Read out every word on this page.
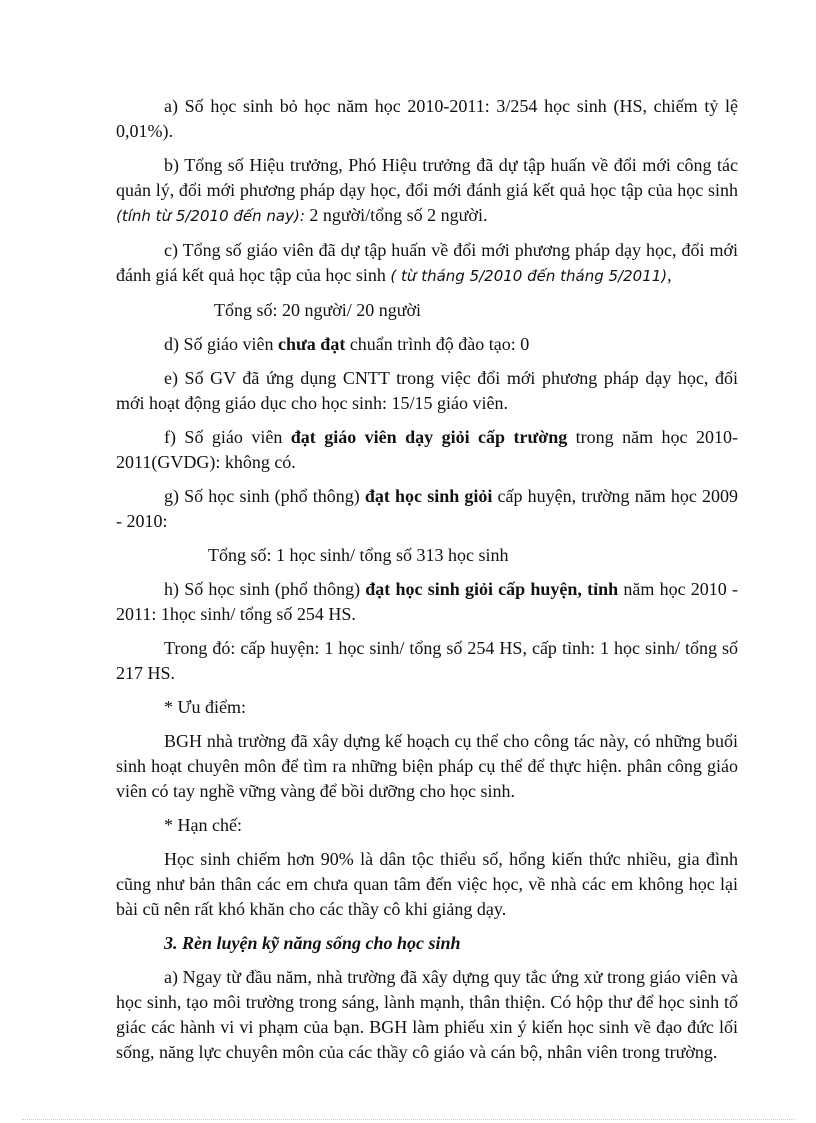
a) Số học sinh bỏ học năm học 2010-2011: 3/254 học sinh (HS, chiếm tỷ lệ 0,01%).

b) Tổng số Hiệu trưởng, Phó Hiệu trưởng đã dự tập huấn về đổi mới công tác quản lý, đổi mới phương pháp dạy học, đổi mới đánh giá kết quả học tập của học sinh (tính từ 5/2010 đến nay): 2 người/tổng số 2 người.

c) Tổng số giáo viên đã dự tập huấn về đổi mới phương pháp dạy học, đổi mới đánh giá kết quả học tập của học sinh ( từ tháng 5/2010 đến tháng 5/2011),

Tổng số: 20 người/ 20 người

d) Số giáo viên chưa đạt chuẩn trình độ đào tạo: 0

e) Số GV đã ứng dụng CNTT trong việc đổi mới phương pháp dạy học, đổi mới hoạt động giáo dục cho học sinh: 15/15 giáo viên.

f) Số giáo viên đạt giáo viên dạy giỏi cấp trường trong năm học 2010-2011(GVDG): không có.

g) Số học sinh (phổ thông) đạt học sinh giỏi cấp huyện, trường năm học 2009 - 2010:

Tổng số: 1 học sinh/ tổng số 313 học sinh

h) Số học sinh (phổ thông) đạt học sinh giỏi cấp huyện, tỉnh năm học 2010 - 2011: 1học sinh/ tổng số 254 HS.

Trong đó: cấp huyện: 1 học sinh/ tổng số 254 HS, cấp tỉnh: 1 học sinh/ tổng số 217 HS.

* Ưu điểm:

BGH nhà trường đã xây dựng kế hoạch cụ thể cho công tác này, có những buổi sinh hoạt chuyên môn để tìm ra những biện pháp cụ thể để thực hiện. phân công giáo viên có tay nghề vững vàng để bồi dưỡng cho học sinh.

* Hạn chế:

Học sinh chiếm hơn 90% là dân tộc thiểu số, hổng kiến thức nhiều, gia đình cũng như bản thân các em chưa quan tâm đến việc học, về nhà các em không học lại bài cũ nên rất khó khăn cho các thầy cô khi giảng dạy.

3. Rèn luyện kỹ năng sống cho học sinh

a) Ngay từ đầu năm, nhà trường đã xây dựng quy tắc ứng xử trong giáo viên và học sinh, tạo môi trường trong sáng, lành mạnh, thân thiện. Có hộp thư để học sinh tố giác các hành vi vi phạm của bạn. BGH làm phiếu xin ý kiến học sinh về đạo đức lối sống, năng lực chuyên môn của các thầy cô giáo và cán bộ, nhân viên trong trường.
